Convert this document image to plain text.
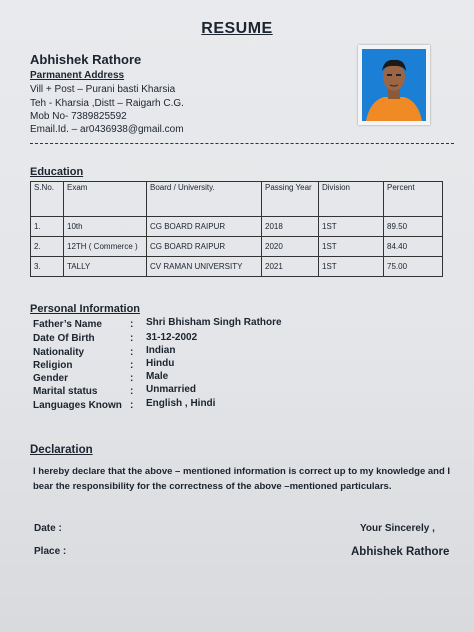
RESUME
Abhishek Rathore
Parmanent Address
Vill + Post – Purani basti Kharsia
Teh - Kharsia ,Distt – Raigarh C.G.
Mob No- 7389825592
Email.Id. – ar0436938@gmail.com
Education
S.No.	Exam	Board / University.	Passing Year	Division	Percent
1.	10th	CG BOARD RAIPUR	2018	1ST	89.50
2.	12TH ( Commerce )	CG BOARD RAIPUR	2020	1ST	84.40
3.	TALLY	CV RAMAN UNIVERSITY	2021	1ST	75.00
Personal Information
Father’s Name	: Shri Bhisham Singh Rathore
Date Of Birth	: 31-12-2002
Nationality	: Indian
Religion	: Hindu
Gender	: Male
Marital status	: Unmarried
Languages Known : English , Hindi
Declaration
I hereby declare that the above – mentioned information is correct up to my knowledge and I bear the responsibility for the correctness of the above –mentioned particulars.
Date :
Place :
Your Sincerely ,
Abhishek Rathore
